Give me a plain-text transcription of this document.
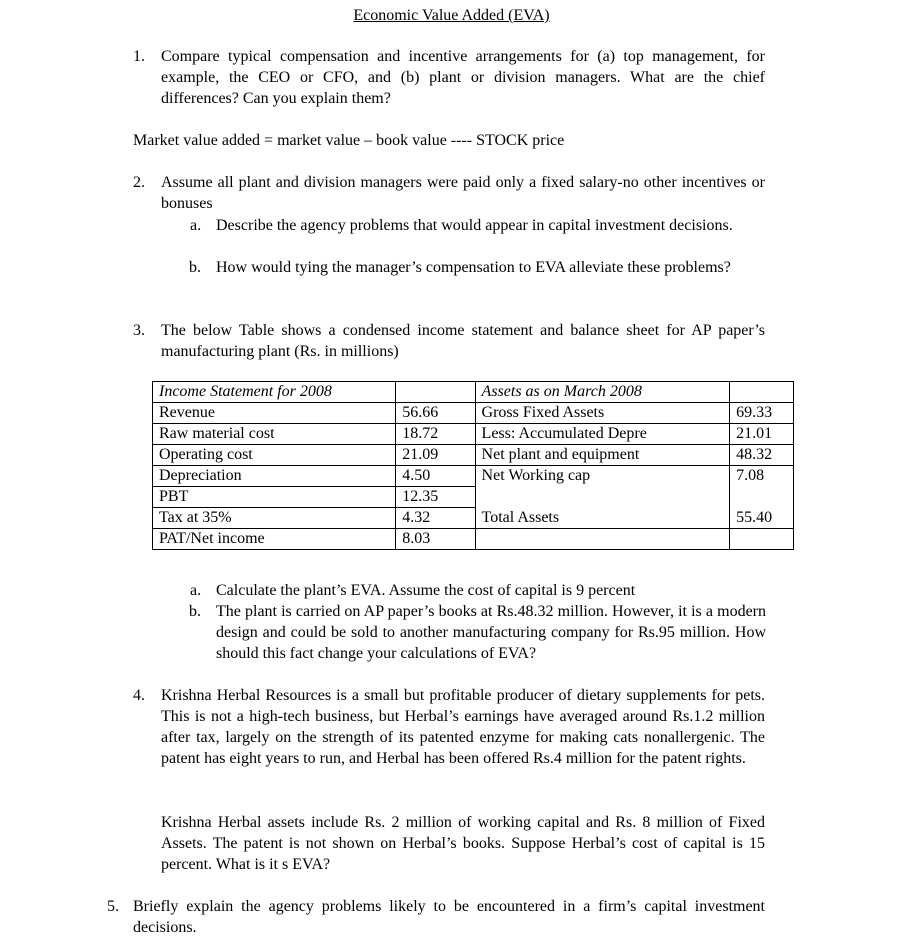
Economic Value Added (EVA)
1. Compare typical compensation and incentive arrangements for (a) top management, for example, the CEO or CFO, and (b) plant or division managers. What are the chief differences? Can you explain them?
Market value added = market value – book value ---- STOCK price
2. Assume all plant and division managers were paid only a fixed salary-no other incentives or bonuses
a. Describe the agency problems that would appear in capital investment decisions.
b. How would tying the manager’s compensation to EVA alleviate these problems?
3. The below Table shows a condensed income statement and balance sheet for AP paper’s manufacturing plant (Rs. in millions)
Income Statement for 2008		Assets as on March 2008	
Revenue	56.66	Gross Fixed Assets	69.33
Raw material cost	18.72	Less: Accumulated Depre	21.01
Operating cost	21.09	Net plant and equipment	48.32
Depreciation	4.50	Net Working cap	7.08
PBT	12.35		
Tax at 35%	4.32	Total Assets	55.40
PAT/Net income	8.03		
a. Calculate the plant’s EVA. Assume the cost of capital is 9 percent
b. The plant is carried on AP paper’s books at Rs.48.32 million. However, it is a modern design and could be sold to another manufacturing company for Rs.95 million. How should this fact change your calculations of EVA?
4. Krishna Herbal Resources is a small but profitable producer of dietary supplements for pets. This is not a high-tech business, but Herbal’s earnings have averaged around Rs.1.2 million after tax, largely on the strength of its patented enzyme for making cats nonallergenic. The patent has eight years to run, and Herbal has been offered Rs.4 million for the patent rights.
Krishna Herbal assets include Rs. 2 million of working capital and Rs. 8 million of Fixed Assets. The patent is not shown on Herbal’s books. Suppose Herbal’s cost of capital is 15 percent. What is it s EVA?
5. Briefly explain the agency problems likely to be encountered in a firm’s capital investment decisions.
